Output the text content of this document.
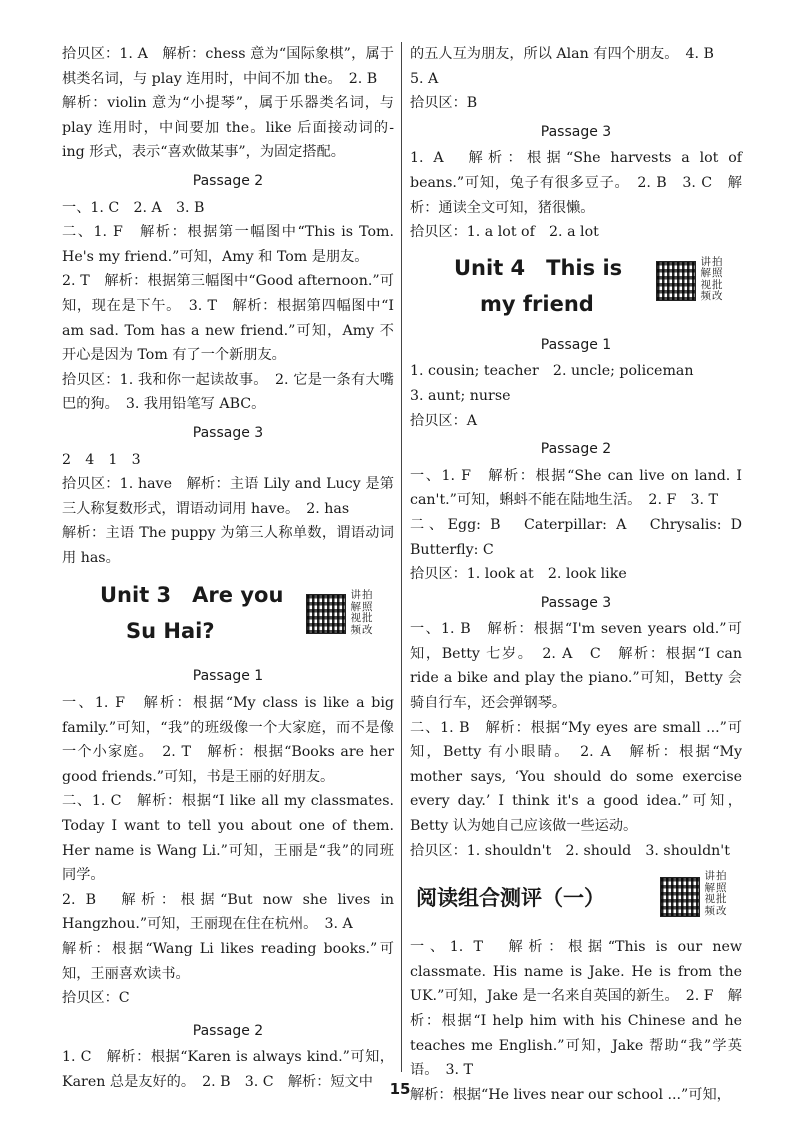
拾贝区：1. A　解析：chess 意为“国际象棋”，属于棋类名词，与 play 连用时，中间不加 the。　2. B

解析：violin 意为“小提琴”，属于乐器类名词，与 play 连用时，中间要加 the。like 后面接动词的-ing 形式，表示“喜欢做某事”，为固定搭配。

Passage 2

一、1. C　2. A　3. B

二、1. F　解析：根据第一幅图中“This is Tom. He's my friend.”可知，Amy 和 Tom 是朋友。

2. T　解析：根据第三幅图中“Good afternoon.”可知，现在是下午。　3. T　解析：根据第四幅图中“I am sad. Tom has a new friend.”可知，Amy 不开心是因为 Tom 有了一个新朋友。

拾贝区：1. 我和你一起读故事。　2. 它是一条有大嘴巴的狗。　3. 我用铅笔写 ABC。

Passage 3

2　4　1　3

拾贝区：1. have　解析：主语 Lily and Lucy 是第三人称复数形式，谓语动词用 have。　2. has

解析：主语 The puppy 为第三人称单数，谓语动词用 has。

Unit 3　Are you
Su Hai?
讲拍
解照
视批
频改
Passage 1

一、1. F　解析：根据“My class is like a big family.”可知，“我”的班级像一个大家庭，而不是像一个小家庭。　2. T　解析：根据“Books are her good friends.”可知，书是王丽的好朋友。

二、1. C　解析：根据“I like all my classmates. Today I want to tell you about one of them. Her name is Wang Li.”可知，王丽是“我”的同班同学。

2. B　解析：根据“But now she lives in Hangzhou.”可知，王丽现在住在杭州。　3. A

解析：根据“Wang Li likes reading books.”可知，王丽喜欢读书。

拾贝区：C

Passage 2

1. C　解析：根据“Karen is always kind.”可知，Karen 总是友好的。　2. B　3. C　解析：短文中

的五人互为朋友，所以 Alan 有四个朋友。　4. B

5. A

拾贝区：B

Passage 3

1. A　解析：根据“She harvests a lot of beans.”可知，兔子有很多豆子。　2. B　3. C　解析：通读全文可知，猪很懒。

拾贝区：1. a lot of　2. a lot

Unit 4　This is
my friend
讲拍
解照
视批
频改
Passage 1

1. cousin; teacher　2. uncle; policeman

3. aunt; nurse

拾贝区：A

Passage 2

一、1. F　解析：根据“She can live on land. I can't.”可知，蝌蚪不能在陆地生活。　2. F　3. T

二、Egg: B　Caterpillar: A　Chrysalis: D　Butterfly: C

拾贝区：1. look at　2. look like

Passage 3

一、1. B　解析：根据“I'm seven years old.”可知，Betty 七岁。　2. A　C　解析：根据“I can ride a bike and play the piano.”可知，Betty 会骑自行车，还会弹钢琴。

二、1. B　解析：根据“My eyes are small ...”可知，Betty 有小眼睛。　2. A　解析：根据“My mother says, ‘You should do some exercise every day.’ I think it's a good idea.”可知，Betty 认为她自己应该做一些运动。

拾贝区：1. shouldn't　2. should　3. shouldn't

阅读组合测评（一）
讲拍
解照
视批
频改

一、1. T　解析：根据“This is our new classmate. His name is Jake. He is from the UK.”可知，Jake 是一名来自英国的新生。　2. F　解析：根据“I help him with his Chinese and he teaches me English.”可知，Jake 帮助“我”学英语。　3. T

解析：根据“He lives near our school ...”可知，

15
